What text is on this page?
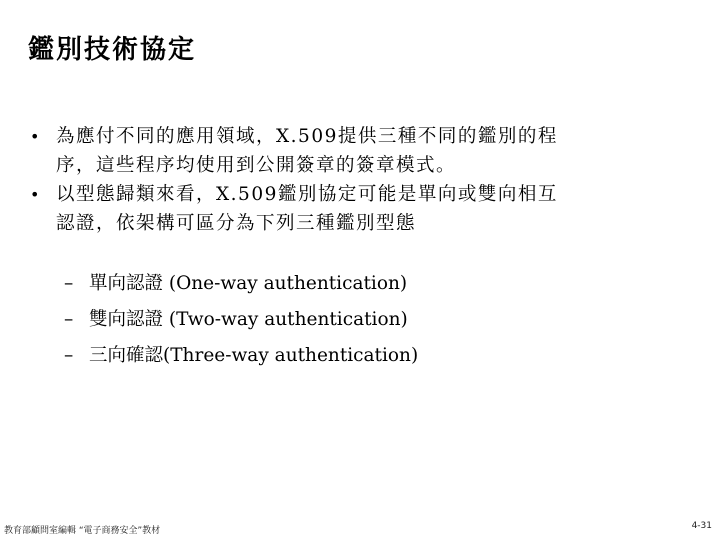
鑑別技術協定
• 為應付不同的應用領域，X.509提供三種不同的鑑別的程
序，這些程序均使用到公開簽章的簽章模式。
• 以型態歸類來看，X.509鑑別協定可能是單向或雙向相互
認證，依架構可區分為下列三種鑑別型態
– 單向認證 (One-way authentication)
– 雙向認證 (Two-way authentication)
– 三向確認(Three-way authentication)
教育部顧問室編輯 “電子商務安全”教材	4-31
